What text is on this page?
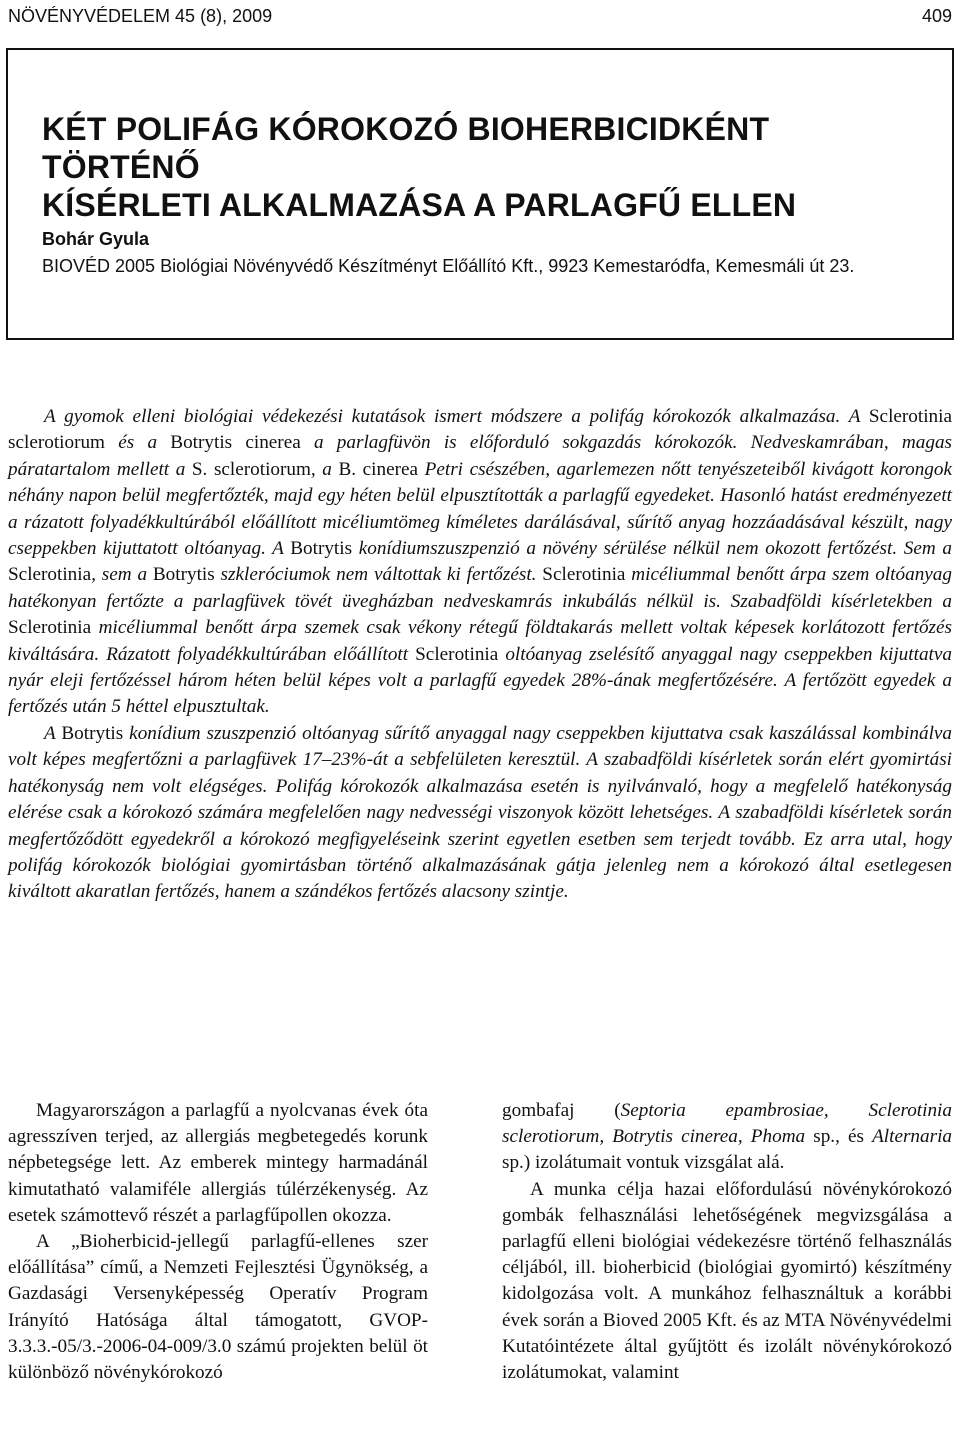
NÖVÉNYVÉDELEM 45 (8), 2009	409
KÉT POLIFÁG KÓROKOZÓ BIOHERBICIDKÉNT TÖRTÉNŐ
KÍSÉRLETI ALKALMAZÁSA A PARLAGFŰ ELLEN
Bohár Gyula
BIOVÉD 2005 Biológiai Növényvédő Készítményt Előállító Kft., 9923 Kemestaródfa, Kemesmáli út 23.

A gyomok elleni biológiai védekezési kutatások ismert módszere a polifág kórokozók alkalmazása. A Sclerotinia sclerotiorum és a Botrytis cinerea a parlagfüvön is előforduló sokgazdás kórokozók. Nedveskamrában, magas páratartalom mellett a S. sclerotiorum, a B. cinerea Petri csészében, agarlemezen nőtt tenyészeteiből kivágott korongok néhány napon belül megfertőzték, majd egy héten belül elpusztították a parlagfű egyedeket. Hasonló hatást eredményezett a rázatott folyadékkultúrából előállított micéliumtömeg kíméletes darálásával, sűrítő anyag hozzáadásával készült, nagy cseppekben kijuttatott oltóanyag. A Botrytis konídiumszuszpenzió a növény sérülése nélkül nem okozott fertőzést. Sem a Sclerotinia, sem a Botrytis szkleróciumok nem váltottak ki fertőzést. Sclerotinia micéliummal benőtt árpa szem oltóanyag hatékonyan fertőzte a parlagfüvek tövét üvegházban nedveskamrás inkubálás nélkül is. Szabadföldi kísérletekben a Sclerotinia micéliummal benőtt árpa szemek csak vékony rétegű földtakarás mellett voltak képesek korlátozott fertőzés kiváltására. Rázatott folyadékkultúrában előállított Sclerotinia oltóanyag zselésítő anyaggal nagy cseppekben kijuttatva nyár eleji fertőzéssel három héten belül képes volt a parlagfű egyedek 28%-ának megfertőzésére. A fertőzött egyedek a fertőzés után 5 héttel elpusztultak.

A Botrytis konídium szuszpenzió oltóanyag sűrítő anyaggal nagy cseppekben kijuttatva csak kaszálással kombinálva volt képes megfertőzni a parlagfüvek 17–23%-át a sebfelületen keresztül. A szabadföldi kísérletek során elért gyomirtási hatékonyság nem volt elégséges. Polifág kórokozók alkalmazása esetén is nyilvánvaló, hogy a megfelelő hatékonyság elérése csak a kórokozó számára megfelelően nagy nedvességi viszonyok között lehetséges. A szabadföldi kísérletek során megfertőződött egyedekről a kórokozó megfigyeléseink szerint egyetlen esetben sem terjedt tovább. Ez arra utal, hogy polifág kórokozók biológiai gyomirtásban történő alkalmazásának gátja jelenleg nem a kórokozó által esetlegesen kiváltott akaratlan fertőzés, hanem a szándékos fertőzés alacsony szintje.

Magyarországon a parlagfű a nyolcvanas évek óta agresszíven terjed, az allergiás megbetegedés korunk népbetegsége lett. Az emberek mintegy harmadánál kimutatható valamiféle allergiás túlérzékenység. Az esetek számottevő részét a parlagfűpollen okozza.

A „Bioherbicid-jellegű parlagfű-ellenes szer előállítása” című, a Nemzeti Fejlesztési Ügynökség, a Gazdasági Versenyképesség Operatív Program Irányító Hatósága által támogatott, GVOP-3.3.3.-05/3.-2006-04-009/3.0 számú projekten belül öt különböző növénykórokozó

gombafaj (Septoria epambrosiae, Sclerotinia sclerotiorum, Botrytis cinerea, Phoma sp., és Alternaria sp.) izolátumait vontuk vizsgálat alá.

A munka célja hazai előfordulású növénykórokozó gombák felhasználási lehetőségének megvizsgálása a parlagfű elleni biológiai védekezésre történő felhasználás céljából, ill. bioherbicid (biológiai gyomirtó) készítmény kidolgozása volt. A munkához felhasználtuk a korábbi évek során a Bioved 2005 Kft. és az MTA Növényvédelmi Kutatóintézete által gyűjtött és izolált növénykórokozó izolátumokat, valamint
